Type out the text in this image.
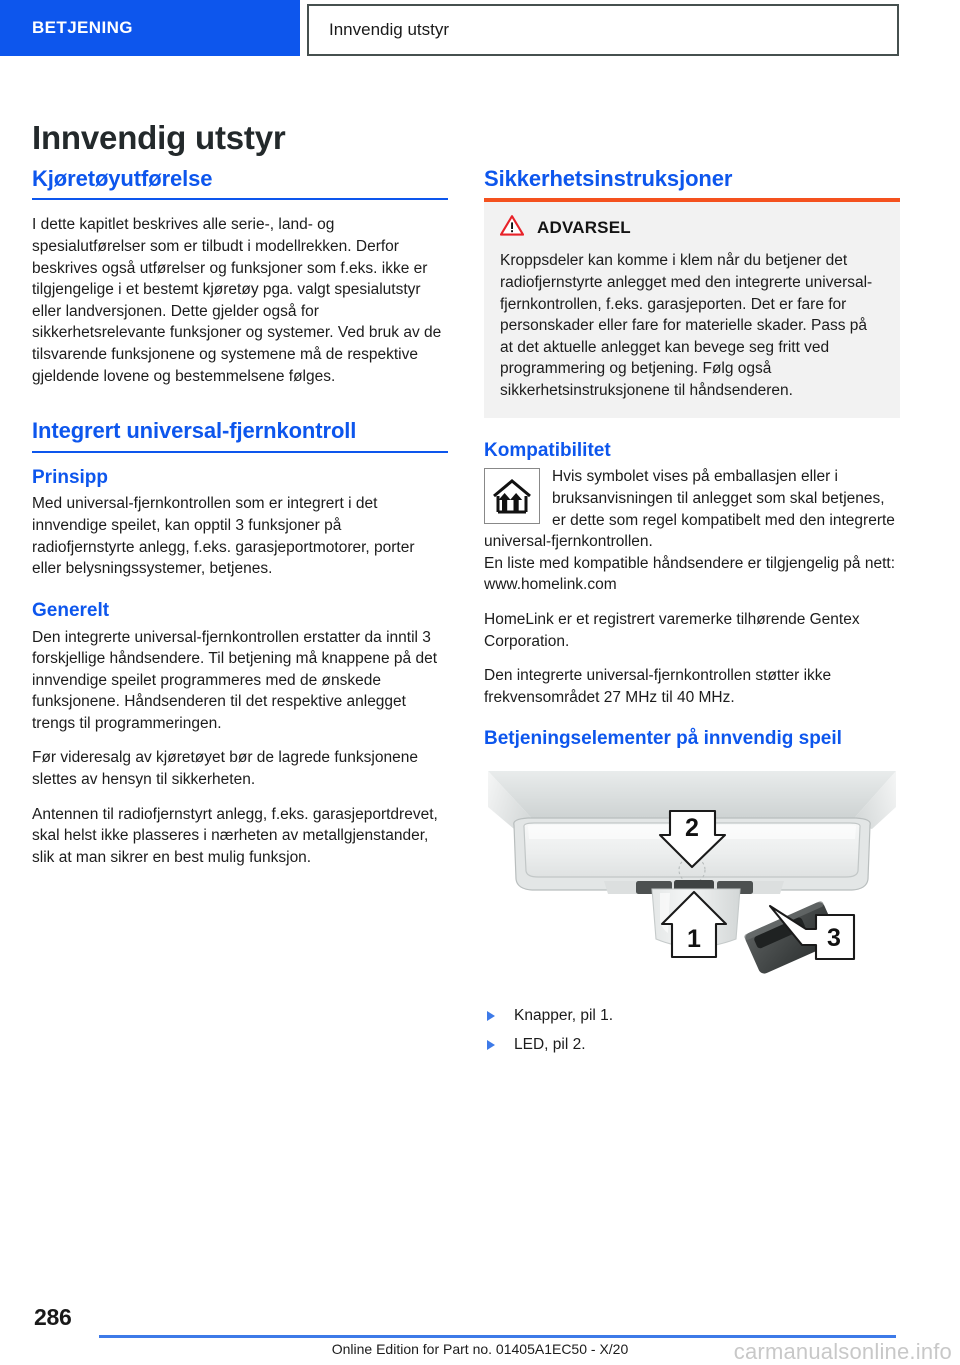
BETJENING	Innvendig utstyr
Innvendig utstyr
Kjøretøyutførelse

I dette kapitlet beskrives alle serie-, land- og spesialutførelser som er tilbudt i modellrekken. Derfor beskrives også utførelser og funksjoner som f.eks. ikke er tilgjengelige i et bestemt kjøretøy pga. valgt spesialutstyr eller landversjonen. Dette gjelder også for sikkerhetsrelevante funksjoner og systemer. Ved bruk av de tilsvarende funksjonene og systemene må de respektive gjeldende lovene og bestemmelsene følges.

Integrert universal-fjernkontroll
Prinsipp

Med universal-fjernkontrollen som er integrert i det innvendige speilet, kan opptil 3 funksjoner på radiofjernstyrte anlegg, f.eks. garasjeportmotorer, porter eller belysningssystemer, betjenes.

Generelt

Den integrerte universal-fjernkontrollen erstatter da inntil 3 forskjellige håndsendere. Til betjening må knappene på det innvendige speilet programmeres med de ønskede funksjonene. Håndsenderen til det respektive anlegget trengs til programmeringen.

Før videresalg av kjøretøyet bør de lagrede funksjonene slettes av hensyn til sikkerheten.

Antennen til radiofjernstyrt anlegg, f.eks. garasjeportdrevet, skal helst ikke plasseres i nærheten av metallgjenstander, slik at man sikrer en best mulig funksjon.

Sikkerhetsinstruksjoner
ADVARSEL

Kroppsdeler kan komme i klem når du betjener det radiofjernstyrte anlegget med den integrerte universal-fjernkontrollen, f.eks. garasjeporten. Det er fare for personskader eller fare for materielle skader. Pass på at det aktuelle anlegget kan bevege seg fritt ved programmering og betjening. Følg også sikkerhetsinstruksjonene til håndsenderen.

Kompatibilitet

Hvis symbolet vises på emballasjen eller i bruksanvisningen til anlegget som skal betjenes, er dette som regel kompatibelt med den integrerte universal-fjernkontrollen.

En liste med kompatible håndsendere er tilgjengelig på nett: www.homelink.com

HomeLink er et registrert varemerke tilhørende Gentex Corporation.

Den integrerte universal-fjernkontrollen støtter ikke frekvensområdet 27 MHz til 40 MHz.

Betjeningselementer på innvendig speil
2
1	3
Knapper, pil 1.
LED, pil 2.
286
Online Edition for Part no. 01405A1EC50 - X/20	carmanualsonline.info
